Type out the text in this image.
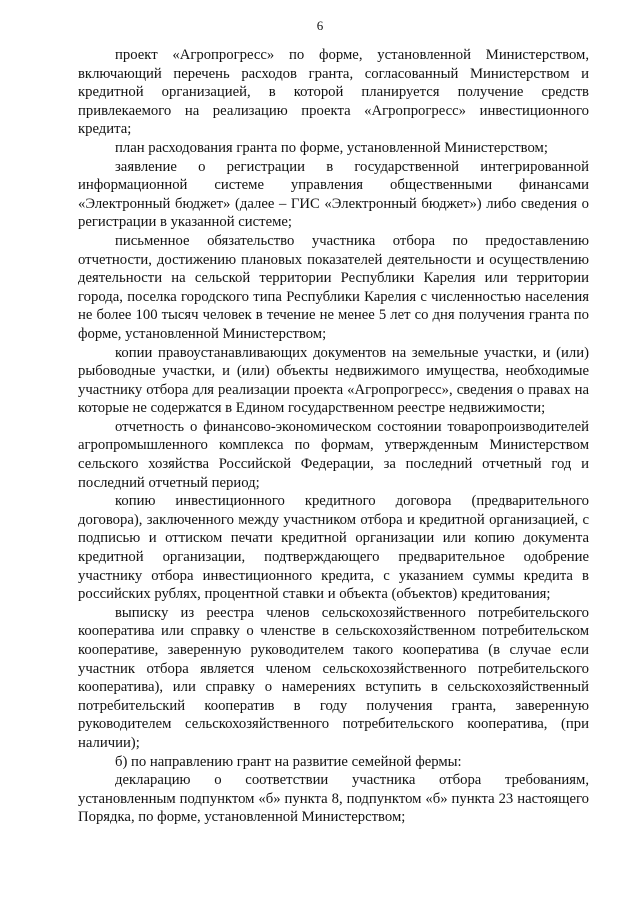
6

проект «Агропрогресс» по форме, установленной Министерством, включающий перечень расходов гранта, согласованный Министерством и кредитной организацией, в которой планируется получение средств привлекаемого на реализацию проекта «Агропрогресс» инвестиционного кредита;

план расходования гранта по форме, установленной Министерством;

заявление о регистрации в государственной интегрированной информационной системе управления общественными финансами «Электронный бюджет» (далее – ГИС «Электронный бюджет») либо сведения о регистрации в указанной системе;

письменное обязательство участника отбора по предоставлению отчетности, достижению плановых показателей деятельности и осуществлению деятельности на сельской территории Республики Карелия или территории города, поселка городского типа Республики Карелия с численностью населения не более 100 тысяч человек в течение не менее 5 лет со дня получения гранта по форме, установленной Министерством;

копии правоустанавливающих документов на земельные участки, и (или) рыбоводные участки, и (или) объекты недвижимого имущества, необходимые участнику отбора для реализации проекта «Агропрогресс», сведения о правах на которые не содержатся в Едином государственном реестре недвижимости;

отчетность о финансово-экономическом состоянии товаропроизводителей агропромышленного комплекса по формам, утвержденным Министерством сельского хозяйства Российской Федерации, за последний отчетный год и последний отчетный период;

копию инвестиционного кредитного договора (предварительного договора), заключенного между участником отбора и кредитной организацией, с подписью и оттиском печати кредитной организации или копию документа кредитной организации, подтверждающего предварительное одобрение участнику отбора инвестиционного кредита, с указанием суммы кредита в российских рублях, процентной ставки и объекта (объектов) кредитования;

выписку из реестра членов сельскохозяйственного потребительского кооператива или справку о членстве в сельскохозяйственном потребительском кооперативе, заверенную руководителем такого кооператива (в случае если участник отбора является членом сельскохозяйственного потребительского кооператива), или справку о намерениях вступить в сельскохозяйственный потребительский кооператив в году получения гранта, заверенную руководителем сельскохозяйственного потребительского кооператива, (при наличии);

б) по направлению грант на развитие семейной фермы:

декларацию о соответствии участника отбора требованиям, установленным подпунктом «б» пункта 8, подпунктом «б» пункта 23 настоящего Порядка, по форме, установленной Министерством;
